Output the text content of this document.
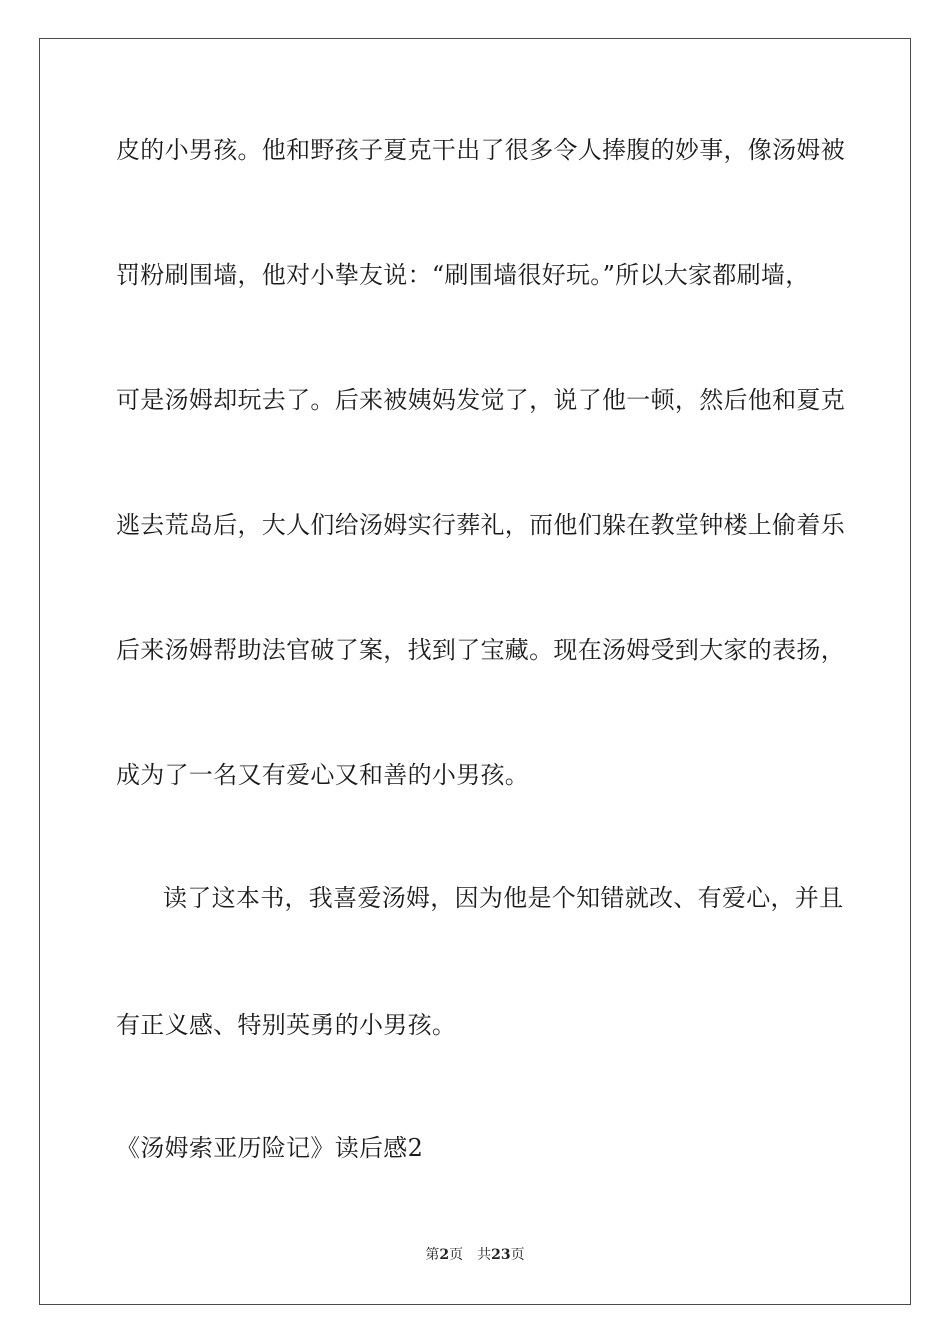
皮的小男孩。他和野孩子夏克干出了很多令人捧腹的妙事，像汤姆被
罚粉刷围墙，他对小挚友说：“刷围墙很好玩。”所以大家都刷墙，
可是汤姆却玩去了。后来被姨妈发觉了，说了他一顿，然后他和夏克
逃去荒岛后，大人们给汤姆实行葬礼，而他们躲在教堂钟楼上偷着乐
后来汤姆帮助法官破了案，找到了宝藏。现在汤姆受到大家的表扬，
成为了一名又有爱心又和善的小男孩。
读了这本书，我喜爱汤姆，因为他是个知错就改、有爱心，并且
有正义感、特别英勇的小男孩。
《汤姆索亚历险记》读后感2
第2页 共23页
